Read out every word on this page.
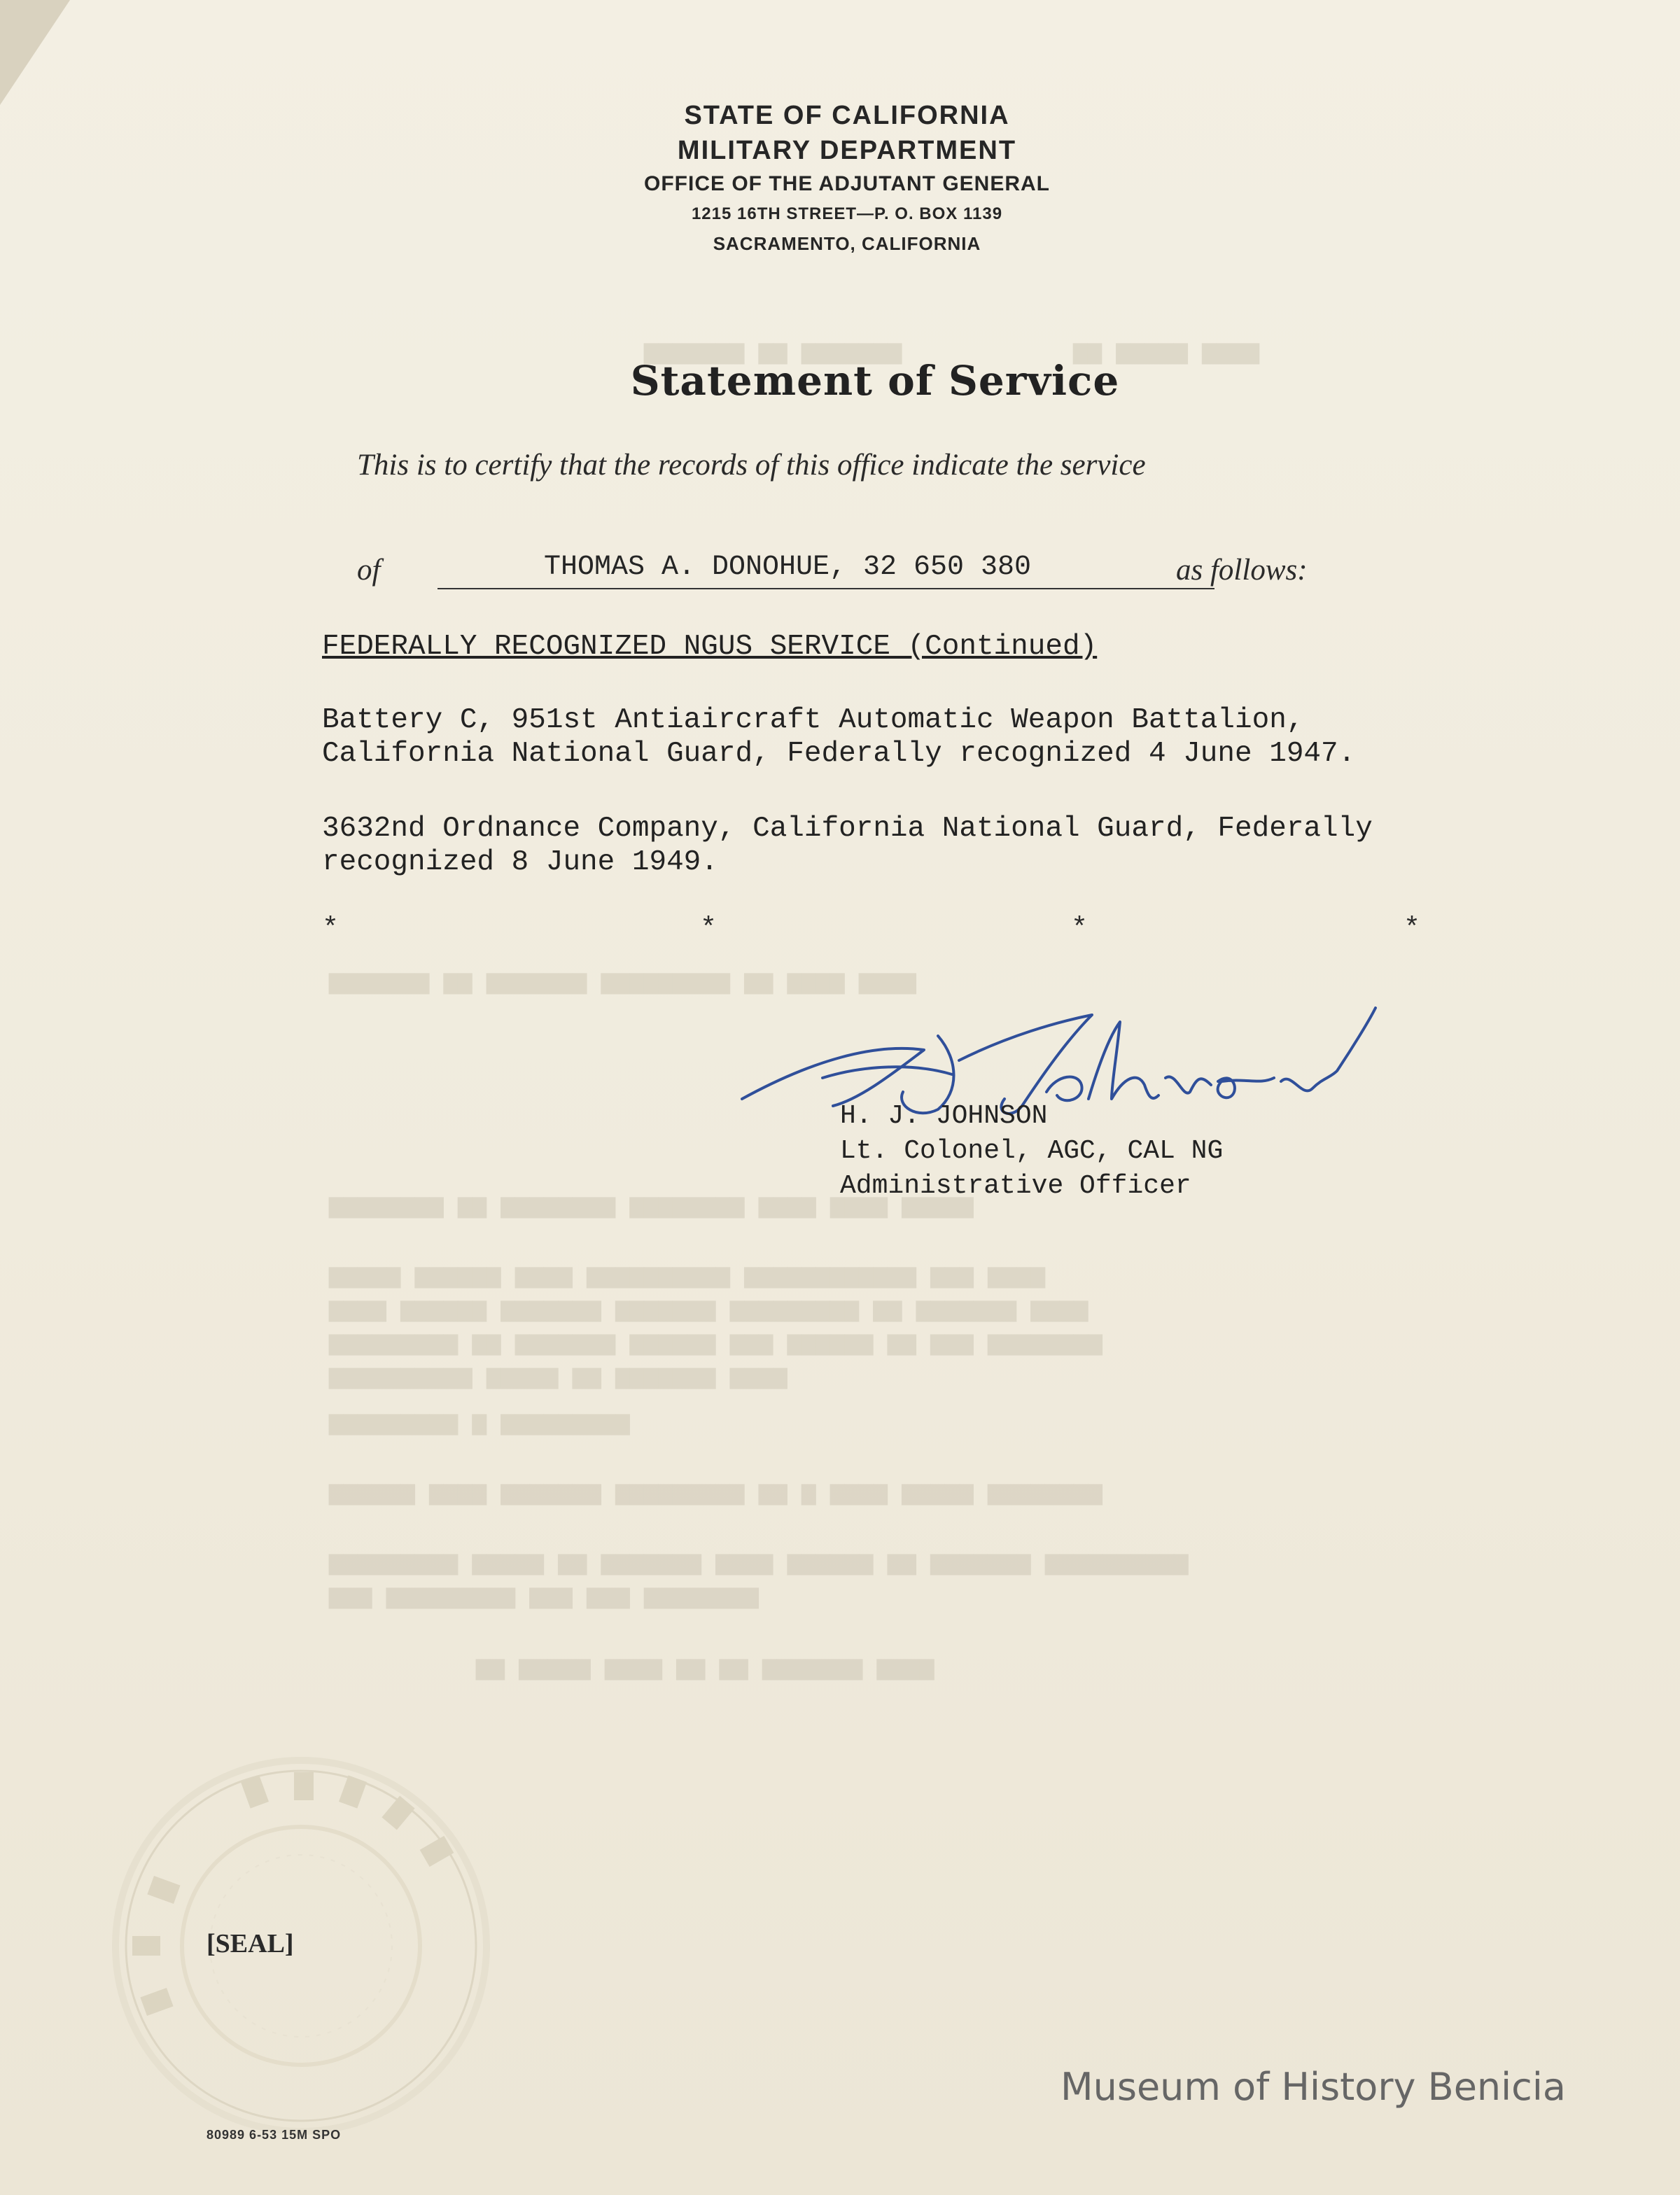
▆▆▆▆▆▆▆ ▆▆ ▆▆▆▆▆▆▆            ▆▆ ▆▆▆▆▆ ▆▆▆▆
▆▆▆▆▆▆▆ ▆▆ ▆▆▆▆▆▆▆ ▆▆▆▆▆▆▆▆▆ ▆▆ ▆▆▆▆ ▆▆▆▆
▆▆▆▆▆▆▆▆ ▆▆ ▆▆▆▆▆▆▆▆ ▆▆▆▆▆▆▆▆ ▆▆▆▆ ▆▆▆▆ ▆▆▆▆▆
▆▆▆▆▆ ▆▆▆▆▆▆ ▆▆▆▆ ▆▆▆▆▆▆▆▆▆▆ ▆▆▆▆▆▆▆▆▆▆▆▆ ▆▆▆ ▆▆▆▆
▆▆▆▆ ▆▆▆▆▆▆ ▆▆▆▆▆▆▆ ▆▆▆▆▆▆▆ ▆▆▆▆▆▆▆▆▆ ▆▆ ▆▆▆▆▆▆▆ ▆▆▆▆
▆▆▆▆▆▆▆▆▆ ▆▆ ▆▆▆▆▆▆▆ ▆▆▆▆▆▆ ▆▆▆ ▆▆▆▆▆▆ ▆▆ ▆▆▆ ▆▆▆▆▆▆▆▆
▆▆▆▆▆▆▆▆▆▆ ▆▆▆▆▆ ▆▆ ▆▆▆▆▆▆▆ ▆▆▆▆
▆▆▆▆▆▆▆▆▆ ▆ ▆▆▆▆▆▆▆▆▆
▆▆▆▆▆▆ ▆▆▆▆ ▆▆▆▆▆▆▆ ▆▆▆▆▆▆▆▆▆ ▆▆ ▆ ▆▆▆▆ ▆▆▆▆▆ ▆▆▆▆▆▆▆▆
▆▆▆▆▆▆▆▆▆ ▆▆▆▆▆ ▆▆ ▆▆▆▆▆▆▆ ▆▆▆▆ ▆▆▆▆▆▆ ▆▆ ▆▆▆▆▆▆▆ ▆▆▆▆▆▆▆▆▆▆
▆▆▆ ▆▆▆▆▆▆▆▆▆ ▆▆▆ ▆▆▆ ▆▆▆▆▆▆▆▆
▆▆ ▆▆▆▆▆ ▆▆▆▆ ▆▆ ▆▆ ▆▆▆▆▆▆▆ ▆▆▆▆
STATE OF CALIFORNIA
MILITARY DEPARTMENT
OFFICE OF THE ADJUTANT GENERAL
1215 16TH STREET—P. O. BOX 1139
SACRAMENTO, CALIFORNIA
Statement of Service
This is to certify that the records of this office indicate the service
of	THOMAS A. DONOHUE, 32 650 380	as follows:
FEDERALLY RECOGNIZED NGUS SERVICE (Continued)
Battery C, 951st Antiaircraft Automatic Weapon Battalion, California National Guard, Federally recognized 4 June 1947.
3632nd Ordnance Company, California National Guard, Federally recognized 8 June 1949.
*	*	*	*
H. J. JOHNSON
Lt. Colonel, AGC, CAL NG
Administrative Officer
[SEAL]
80989 6-53 15M SPO
Museum of History Benicia
